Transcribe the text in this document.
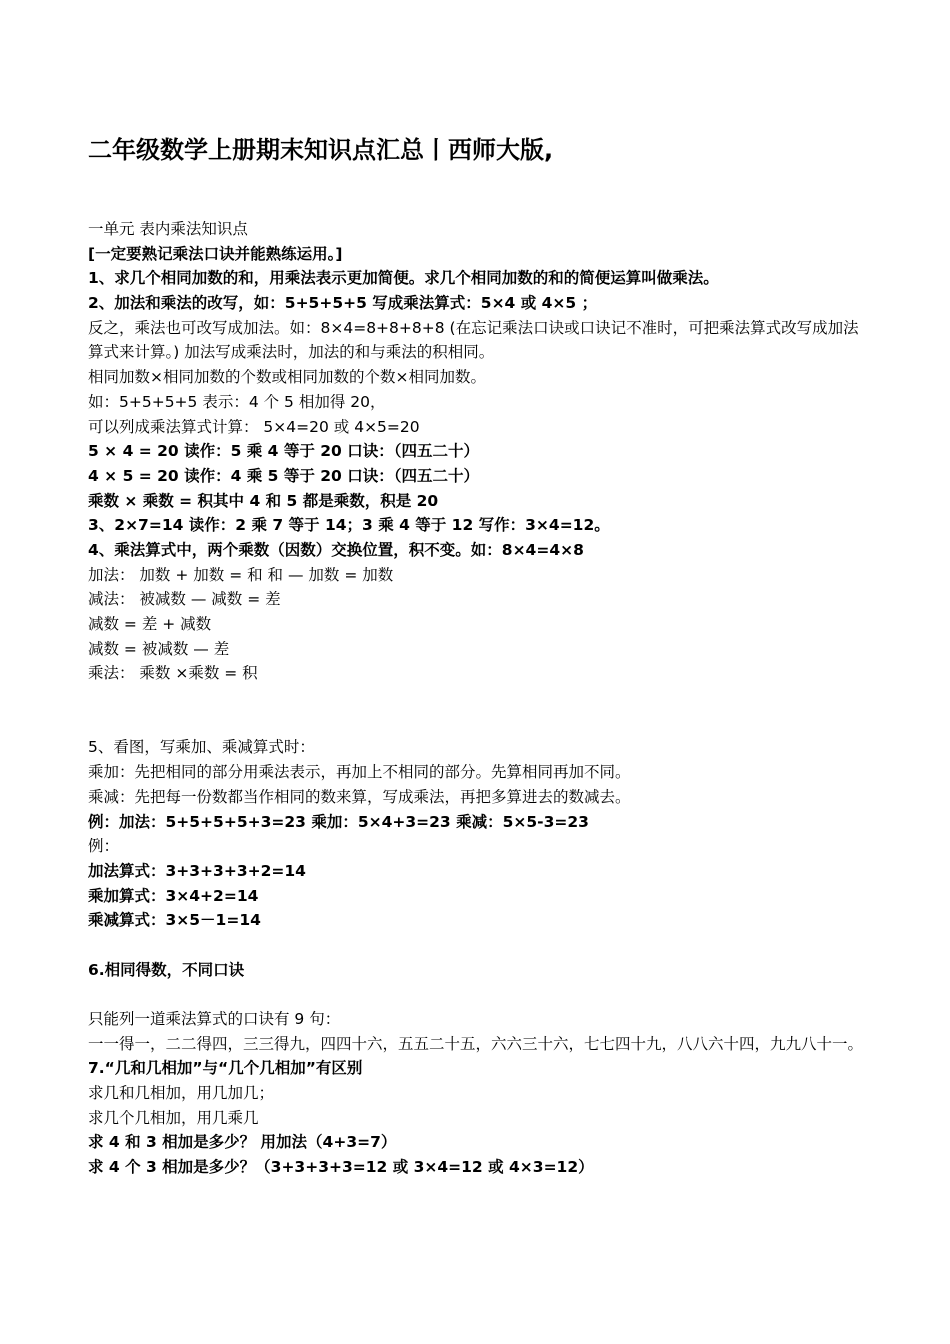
二年级数学上册期末知识点汇总丨西师大版,
一单元 表内乘法知识点
[一定要熟记乘法口诀并能熟练运用。]
1、求几个相同加数的和，用乘法表示更加简便。求几个相同加数的和的简便运算叫做乘法。
2、加法和乘法的改写，如：5+5+5+5 写成乘法算式：5×4 或 4×5 ；
反之，乘法也可改写成加法。如：8×4=8+8+8+8 (在忘记乘法口诀或口诀记不准时，可把乘法算式改写成加法算式来计算。) 加法写成乘法时，加法的和与乘法的积相同。
相同加数×相同加数的个数或相同加数的个数×相同加数。
如：5+5+5+5 表示：4 个 5 相加得 20，
可以列成乘法算式计算： 5×4=20 或 4×5=20
5 × 4 = 20 读作：5 乘 4 等于 20 口诀：（四五二十）
4 × 5 = 20 读作：4 乘 5 等于 20 口诀：（四五二十）
乘数 × 乘数 = 积其中 4 和 5 都是乘数，积是 20
3、2×7=14 读作：2 乘 7 等于 14；3 乘 4 等于 12 写作：3×4=12。
4、乘法算式中，两个乘数（因数）交换位置，积不变。如：8×4=4×8
加法： 加数 + 加数 = 和 和 — 加数 = 加数
减法： 被减数 — 减数 = 差
减数 = 差 + 减数
减数 = 被减数 — 差
乘法： 乘数 ×乘数 = 积
5、看图，写乘加、乘减算式时：
乘加：先把相同的部分用乘法表示，再加上不相同的部分。先算相同再加不同。
乘减：先把每一份数都当作相同的数来算，写成乘法，再把多算进去的数减去。
例：加法：5+5+5+5+3=23 乘加：5×4+3=23 乘减：5×5-3=23
例：
加法算式：3+3+3+3+2=14
乘加算式：3×4+2=14
乘减算式：3×5－1=14
6.相同得数，不同口诀
只能列一道乘法算式的口诀有 9 句：
一一得一，二二得四，三三得九，四四十六，五五二十五，六六三十六，七七四十九，八八六十四，九九八十一。
7.“几和几相加”与“几个几相加”有区别
求几和几相加，用几加几；
求几个几相加，用几乘几
求 4 和 3 相加是多少？ 用加法（4+3=7）
求 4 个 3 相加是多少？（3+3+3+3=12 或 3×4=12 或 4×3=12）
